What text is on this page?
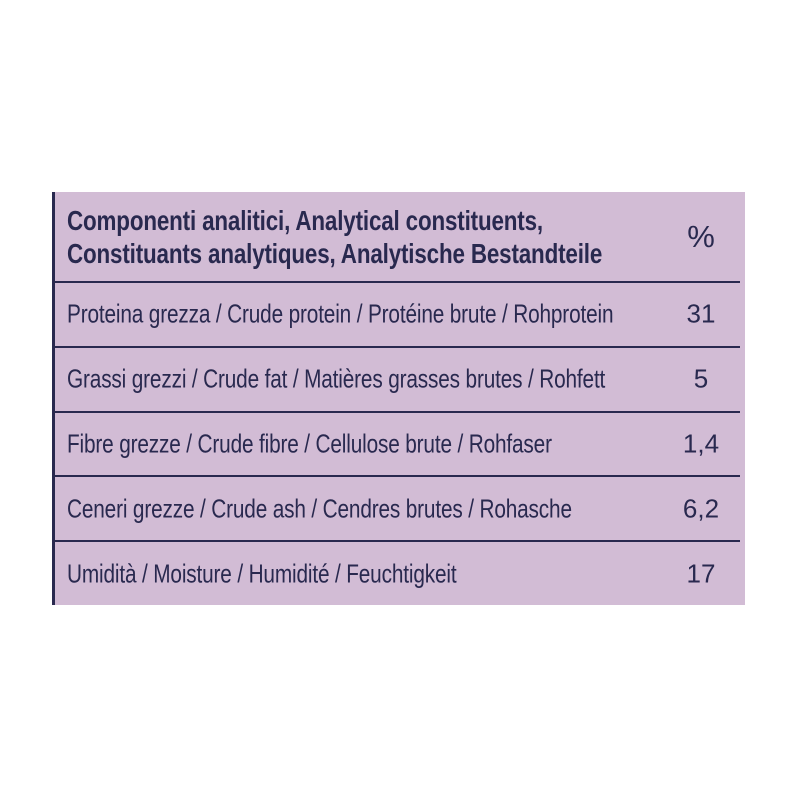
Componenti analitici, Analytical constituents,
Constituants analytiques, Analytische Bestandteile	%
Proteina grezza / Crude protein / Protéine brute / Rohprotein	31
Grassi grezzi / Crude fat / Matières grasses brutes / Rohfett	5
Fibre grezze / Crude fibre / Cellulose brute / Rohfaser	1,4
Ceneri grezze / Crude ash / Cendres brutes / Rohasche	6,2
Umidità / Moisture / Humidité / Feuchtigkeit	17
